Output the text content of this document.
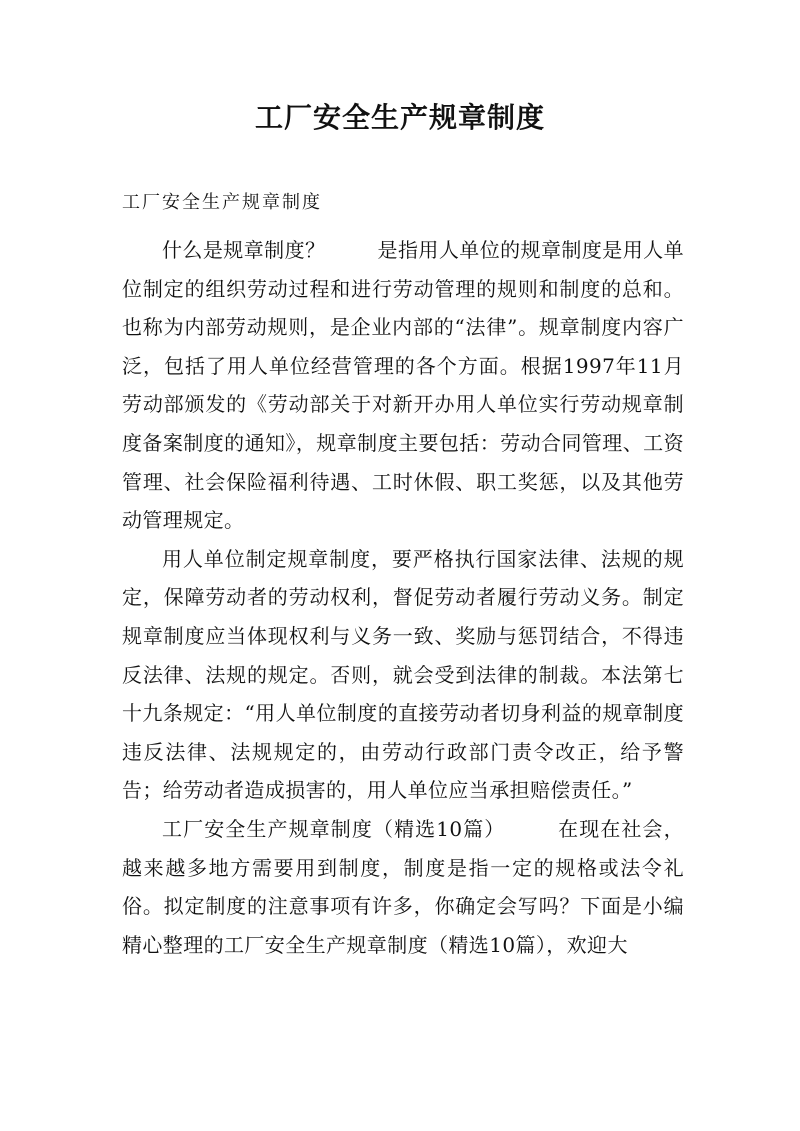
工厂安全生产规章制度

工厂安全生产规章制度

什么是规章制度？	是指用人单位的规章制度是用人单位制定的组织劳动过程和进行劳动管理的规则和制度的总和。也称为内部劳动规则，是企业内部的“法律”。规章制度内容广泛，包括了用人单位经营管理的各个方面。根据1997年11月劳动部颁发的《劳动部关于对新开办用人单位实行劳动规章制度备案制度的通知》，规章制度主要包括：劳动合同管理、工资管理、社会保险福利待遇、工时休假、职工奖惩，以及其他劳动管理规定。

用人单位制定规章制度，要严格执行国家法律、法规的规定，保障劳动者的劳动权利，督促劳动者履行劳动义务。制定规章制度应当体现权利与义务一致、奖励与惩罚结合，不得违反法律、法规的规定。否则，就会受到法律的制裁。本法第七十九条规定：“用人单位制度的直接劳动者切身利益的规章制度违反法律、法规规定的，由劳动行政部门责令改正，给予警告；给劳动者造成损害的，用人单位应当承担赔偿责任。”

工厂安全生产规章制度（精选10篇）	在现在社会，越来越多地方需要用到制度，制度是指一定的规格或法令礼俗。拟定制度的注意事项有许多，你确定会写吗？下面是小编精心整理的工厂安全生产规章制度（精选10篇），欢迎大
